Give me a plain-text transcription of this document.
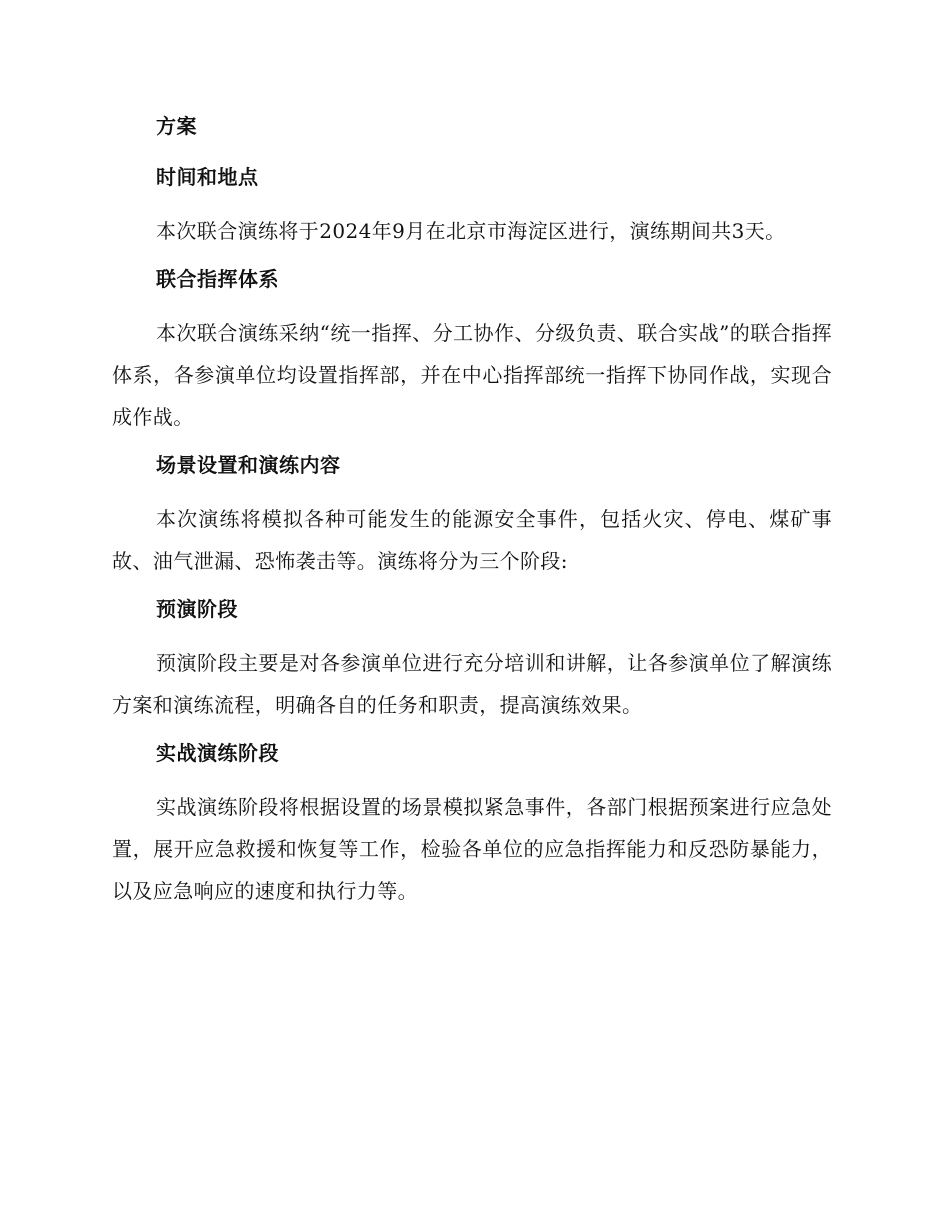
方案
时间和地点
本次联合演练将于2024年9月在北京市海淀区进行，演练期间共3天。
联合指挥体系
本次联合演练采纳“统一指挥、分工协作、分级负责、联合实战”的联合指挥体系，各参演单位均设置指挥部，并在中心指挥部统一指挥下协同作战，实现合成作战。
场景设置和演练内容
本次演练将模拟各种可能发生的能源安全事件，包括火灾、停电、煤矿事故、油气泄漏、恐怖袭击等。演练将分为三个阶段:
预演阶段
预演阶段主要是对各参演单位进行充分培训和讲解，让各参演单位了解演练方案和演练流程，明确各自的任务和职责，提高演练效果。
实战演练阶段
实战演练阶段将根据设置的场景模拟紧急事件，各部门根据预案进行应急处置，展开应急救援和恢复等工作，检验各单位的应急指挥能力和反恐防暴能力，以及应急响应的速度和执行力等。
